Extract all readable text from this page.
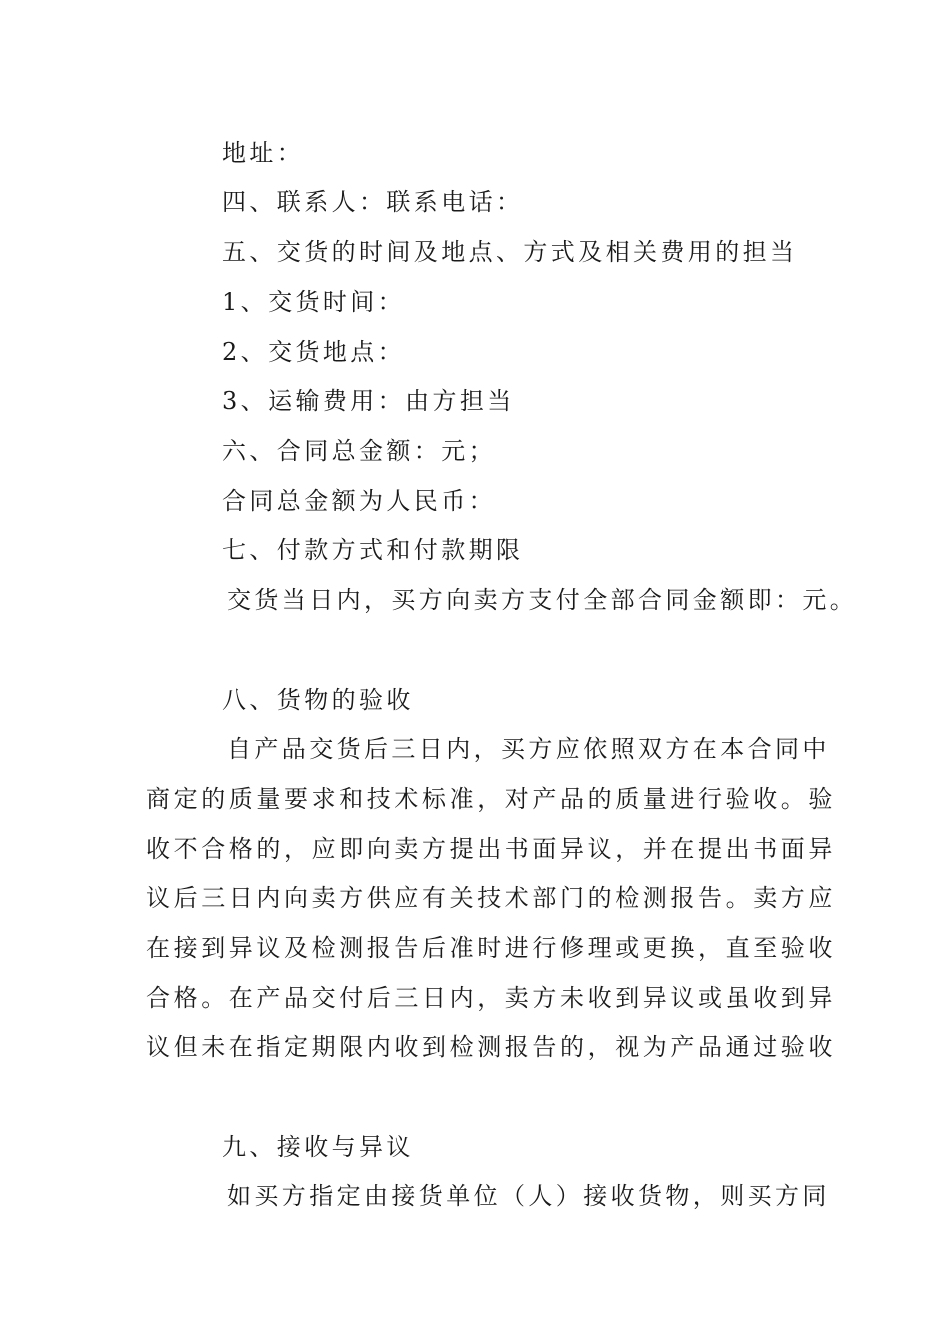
地址：
四、联系人：联系电话：
五、交货的时间及地点、方式及相关费用的担当
1、交货时间：
2、交货地点：
3、运输费用：由方担当
六、合同总金额：元；
合同总金额为人民币：
七、付款方式和付款期限
交货当日内，买方向卖方支付全部合同金额即：元。
八、货物的验收
自产品交货后三日内，买方应依照双方在本合同中
商定的质量要求和技术标准，对产品的质量进行验收。验
收不合格的，应即向卖方提出书面异议，并在提出书面异
议后三日内向卖方供应有关技术部门的检测报告。卖方应
在接到异议及检测报告后准时进行修理或更换，直至验收
合格。在产品交付后三日内，卖方未收到异议或虽收到异
议但未在指定期限内收到检测报告的，视为产品通过验收
九、接收与异议
如买方指定由接货单位（人）接收货物，则买方同
